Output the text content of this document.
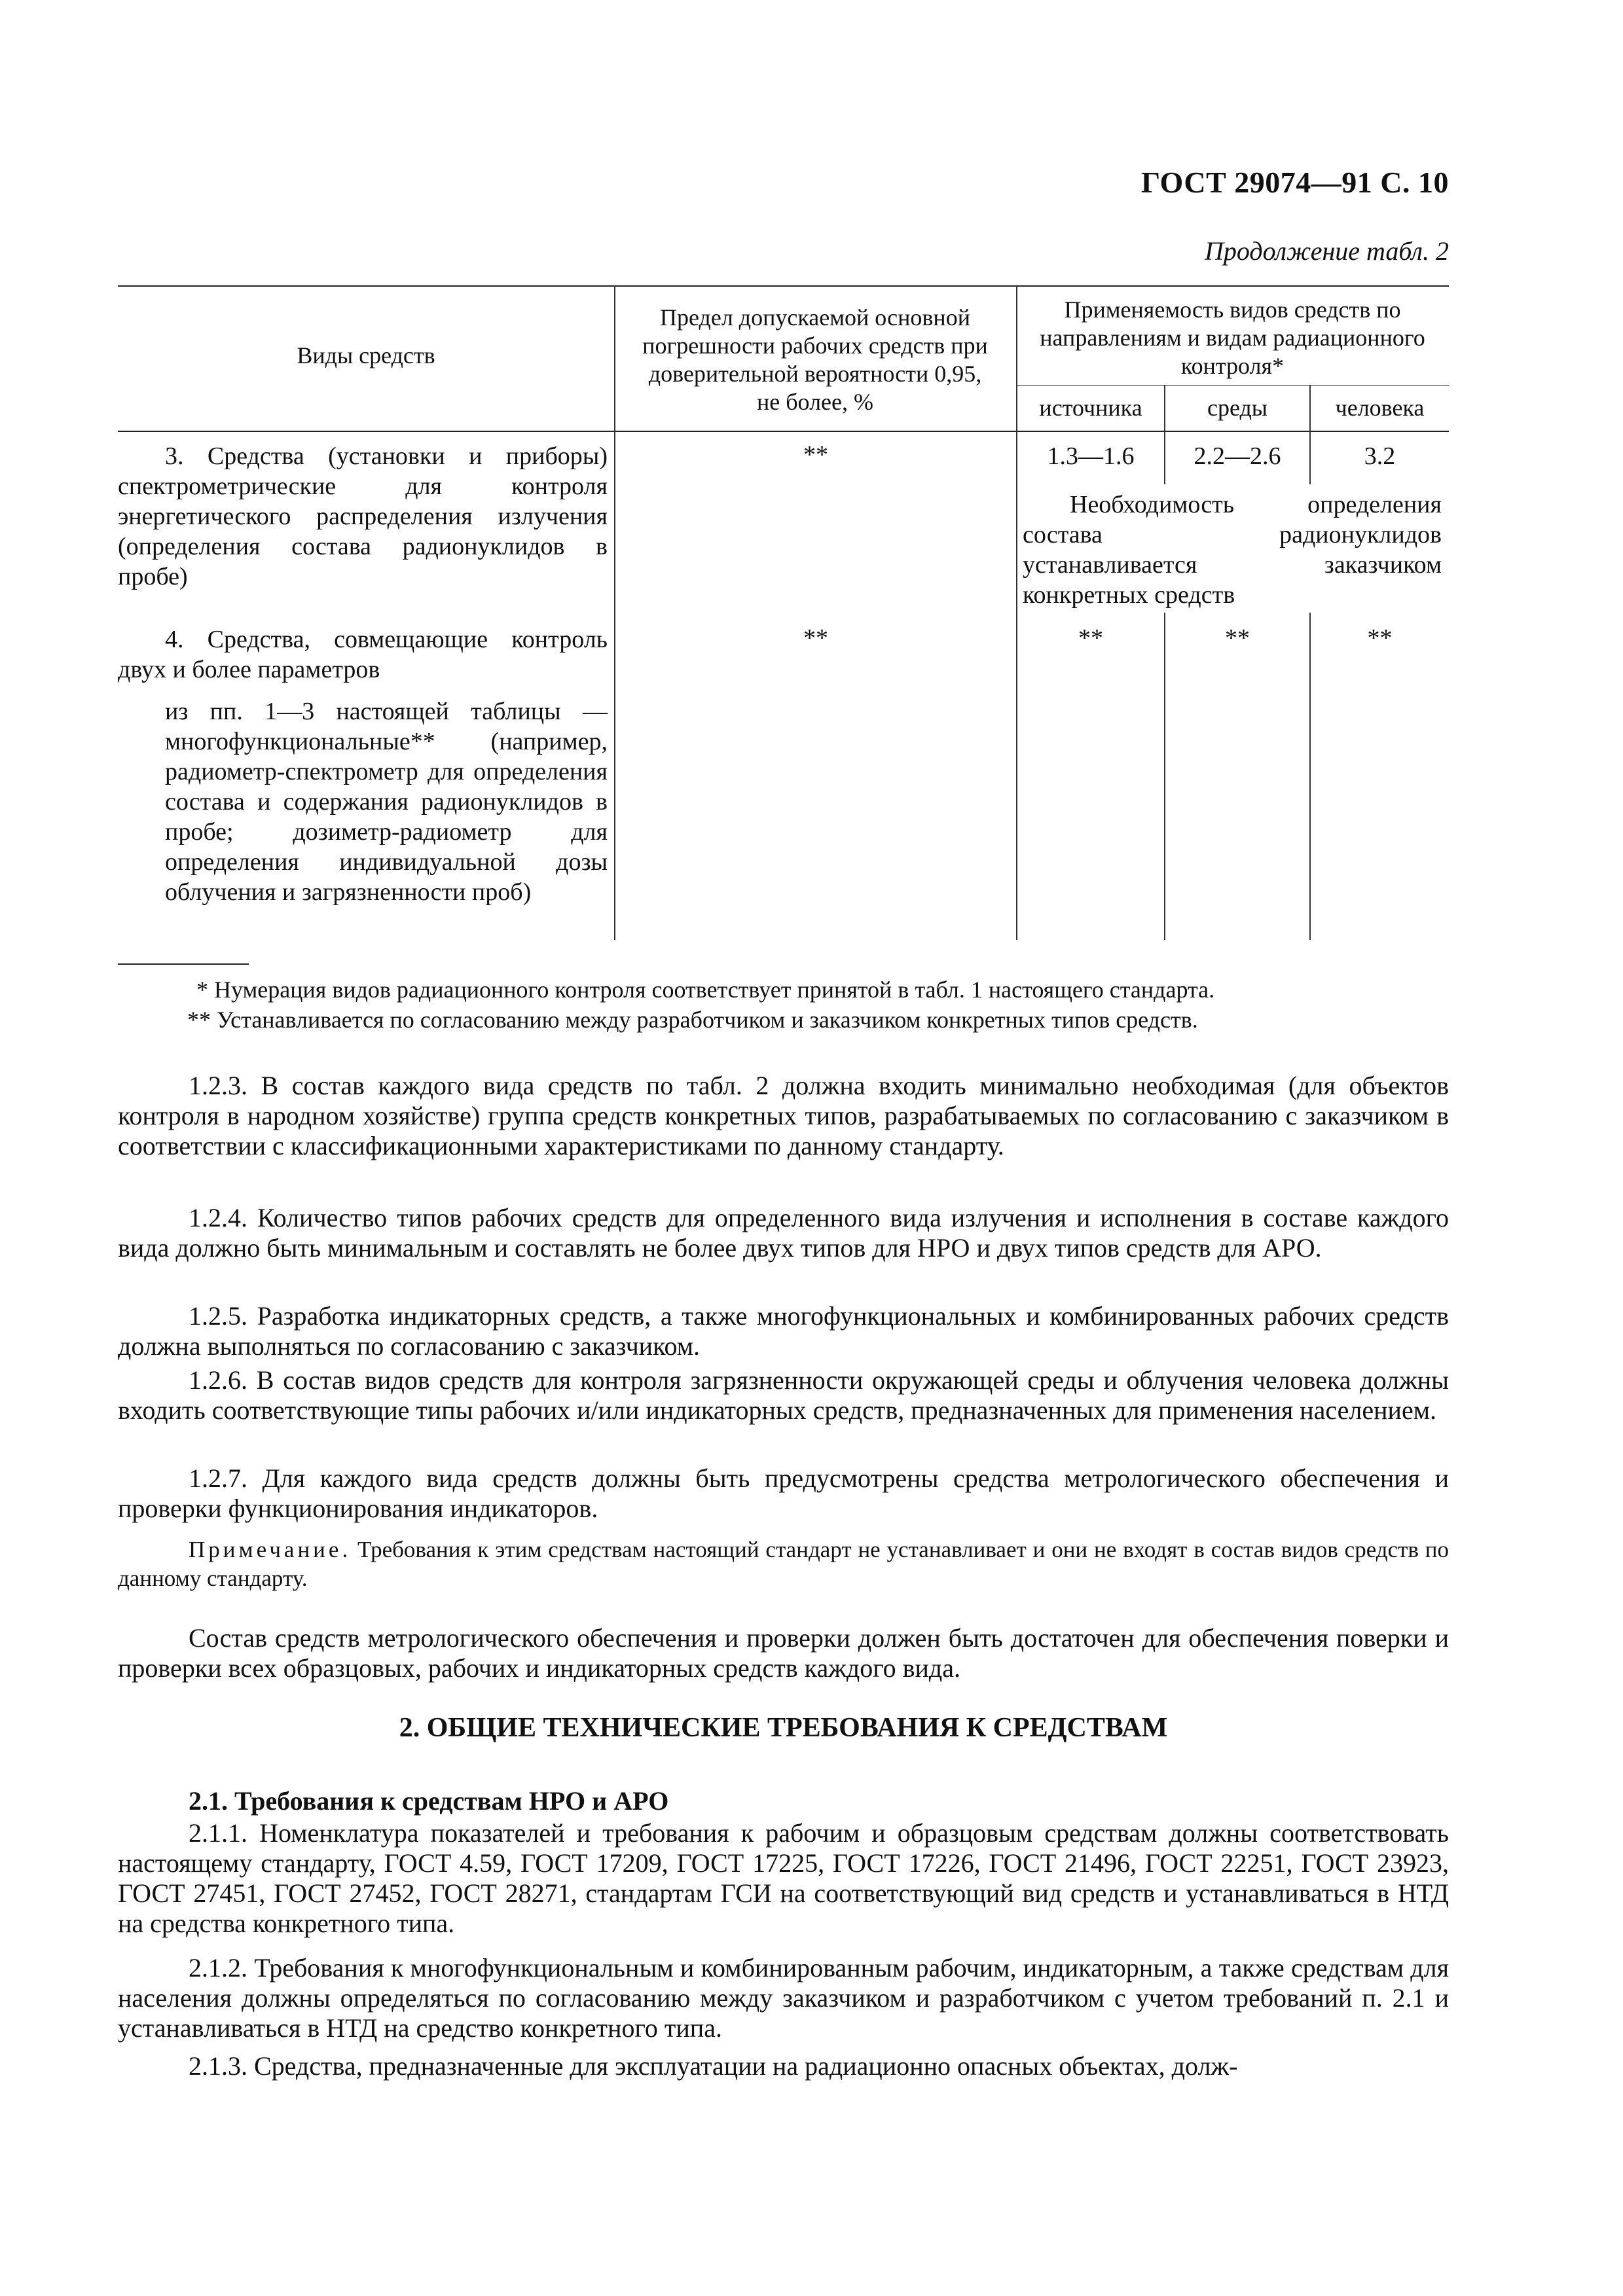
ГОСТ 29074—91 С. 10
Продолжение табл. 2
Виды средств
Предел допускаемой основной погрешности рабочих средств при доверительной вероятности 0,95, не более, %
Применяемость видов средств по направлениям и видам радиационного контроля*
источника	среды	человека
3. Средства (установки и приборы) спектрометрические для контроля энергетического распределения излучения (определения состава радионуклидов в пробе)
**	1.3—1.6	2.2—2.6	3.2
Необходимость определения состава радионуклидов устанавливается заказчиком конкретных средств
4. Средства, совмещающие контроль двух и более параметров
из пп. 1—3 настоящей таблицы — многофункциональные** (например, радиометр-спектрометр для определения состава и содержания радионуклидов в пробе; дозиметр-радиометр для определения индивидуальной дозы облучения и загрязненности проб)
**	**	**	**
* Нумерация видов радиационного контроля соответствует принятой в табл. 1 настоящего стандарта.
** Устанавливается по согласованию между разработчиком и заказчиком конкретных типов средств.
1.2.3. В состав каждого вида средств по табл. 2 должна входить минимально необходимая (для объектов контроля в народном хозяйстве) группа средств конкретных типов, разрабатываемых по согласованию с заказчиком в соответствии с классификационными характеристиками по данному стандарту.
1.2.4. Количество типов рабочих средств для определенного вида излучения и исполнения в составе каждого вида должно быть минимальным и составлять не более двух типов для НРО и двух типов средств для АРО.
1.2.5. Разработка индикаторных средств, а также многофункциональных и комбинированных рабочих средств должна выполняться по согласованию с заказчиком.
1.2.6. В состав видов средств для контроля загрязненности окружающей среды и облучения человека должны входить соответствующие типы рабочих и/или индикаторных средств, предназначенных для применения населением.
1.2.7. Для каждого вида средств должны быть предусмотрены средства метрологического обеспечения и проверки функционирования индикаторов.
Примечание. Требования к этим средствам настоящий стандарт не устанавливает и они не входят в состав видов средств по данному стандарту.
Состав средств метрологического обеспечения и проверки должен быть достаточен для обеспечения поверки и проверки всех образцовых, рабочих и индикаторных средств каждого вида.
2. ОБЩИЕ ТЕХНИЧЕСКИЕ ТРЕБОВАНИЯ К СРЕДСТВАМ
2.1. Требования к средствам НРО и АРО
2.1.1. Номенклатура показателей и требования к рабочим и образцовым средствам должны соответствовать настоящему стандарту, ГОСТ 4.59, ГОСТ 17209, ГОСТ 17225, ГОСТ 17226, ГОСТ 21496, ГОСТ 22251, ГОСТ 23923, ГОСТ 27451, ГОСТ 27452, ГОСТ 28271, стандартам ГСИ на соответствующий вид средств и устанавливаться в НТД на средства конкретного типа.
2.1.2. Требования к многофункциональным и комбинированным рабочим, индикаторным, а также средствам для населения должны определяться по согласованию между заказчиком и разработчиком с учетом требований п. 2.1 и устанавливаться в НТД на средство конкретного типа.
2.1.3. Средства, предназначенные для эксплуатации на радиационно опасных объектах, долж-
